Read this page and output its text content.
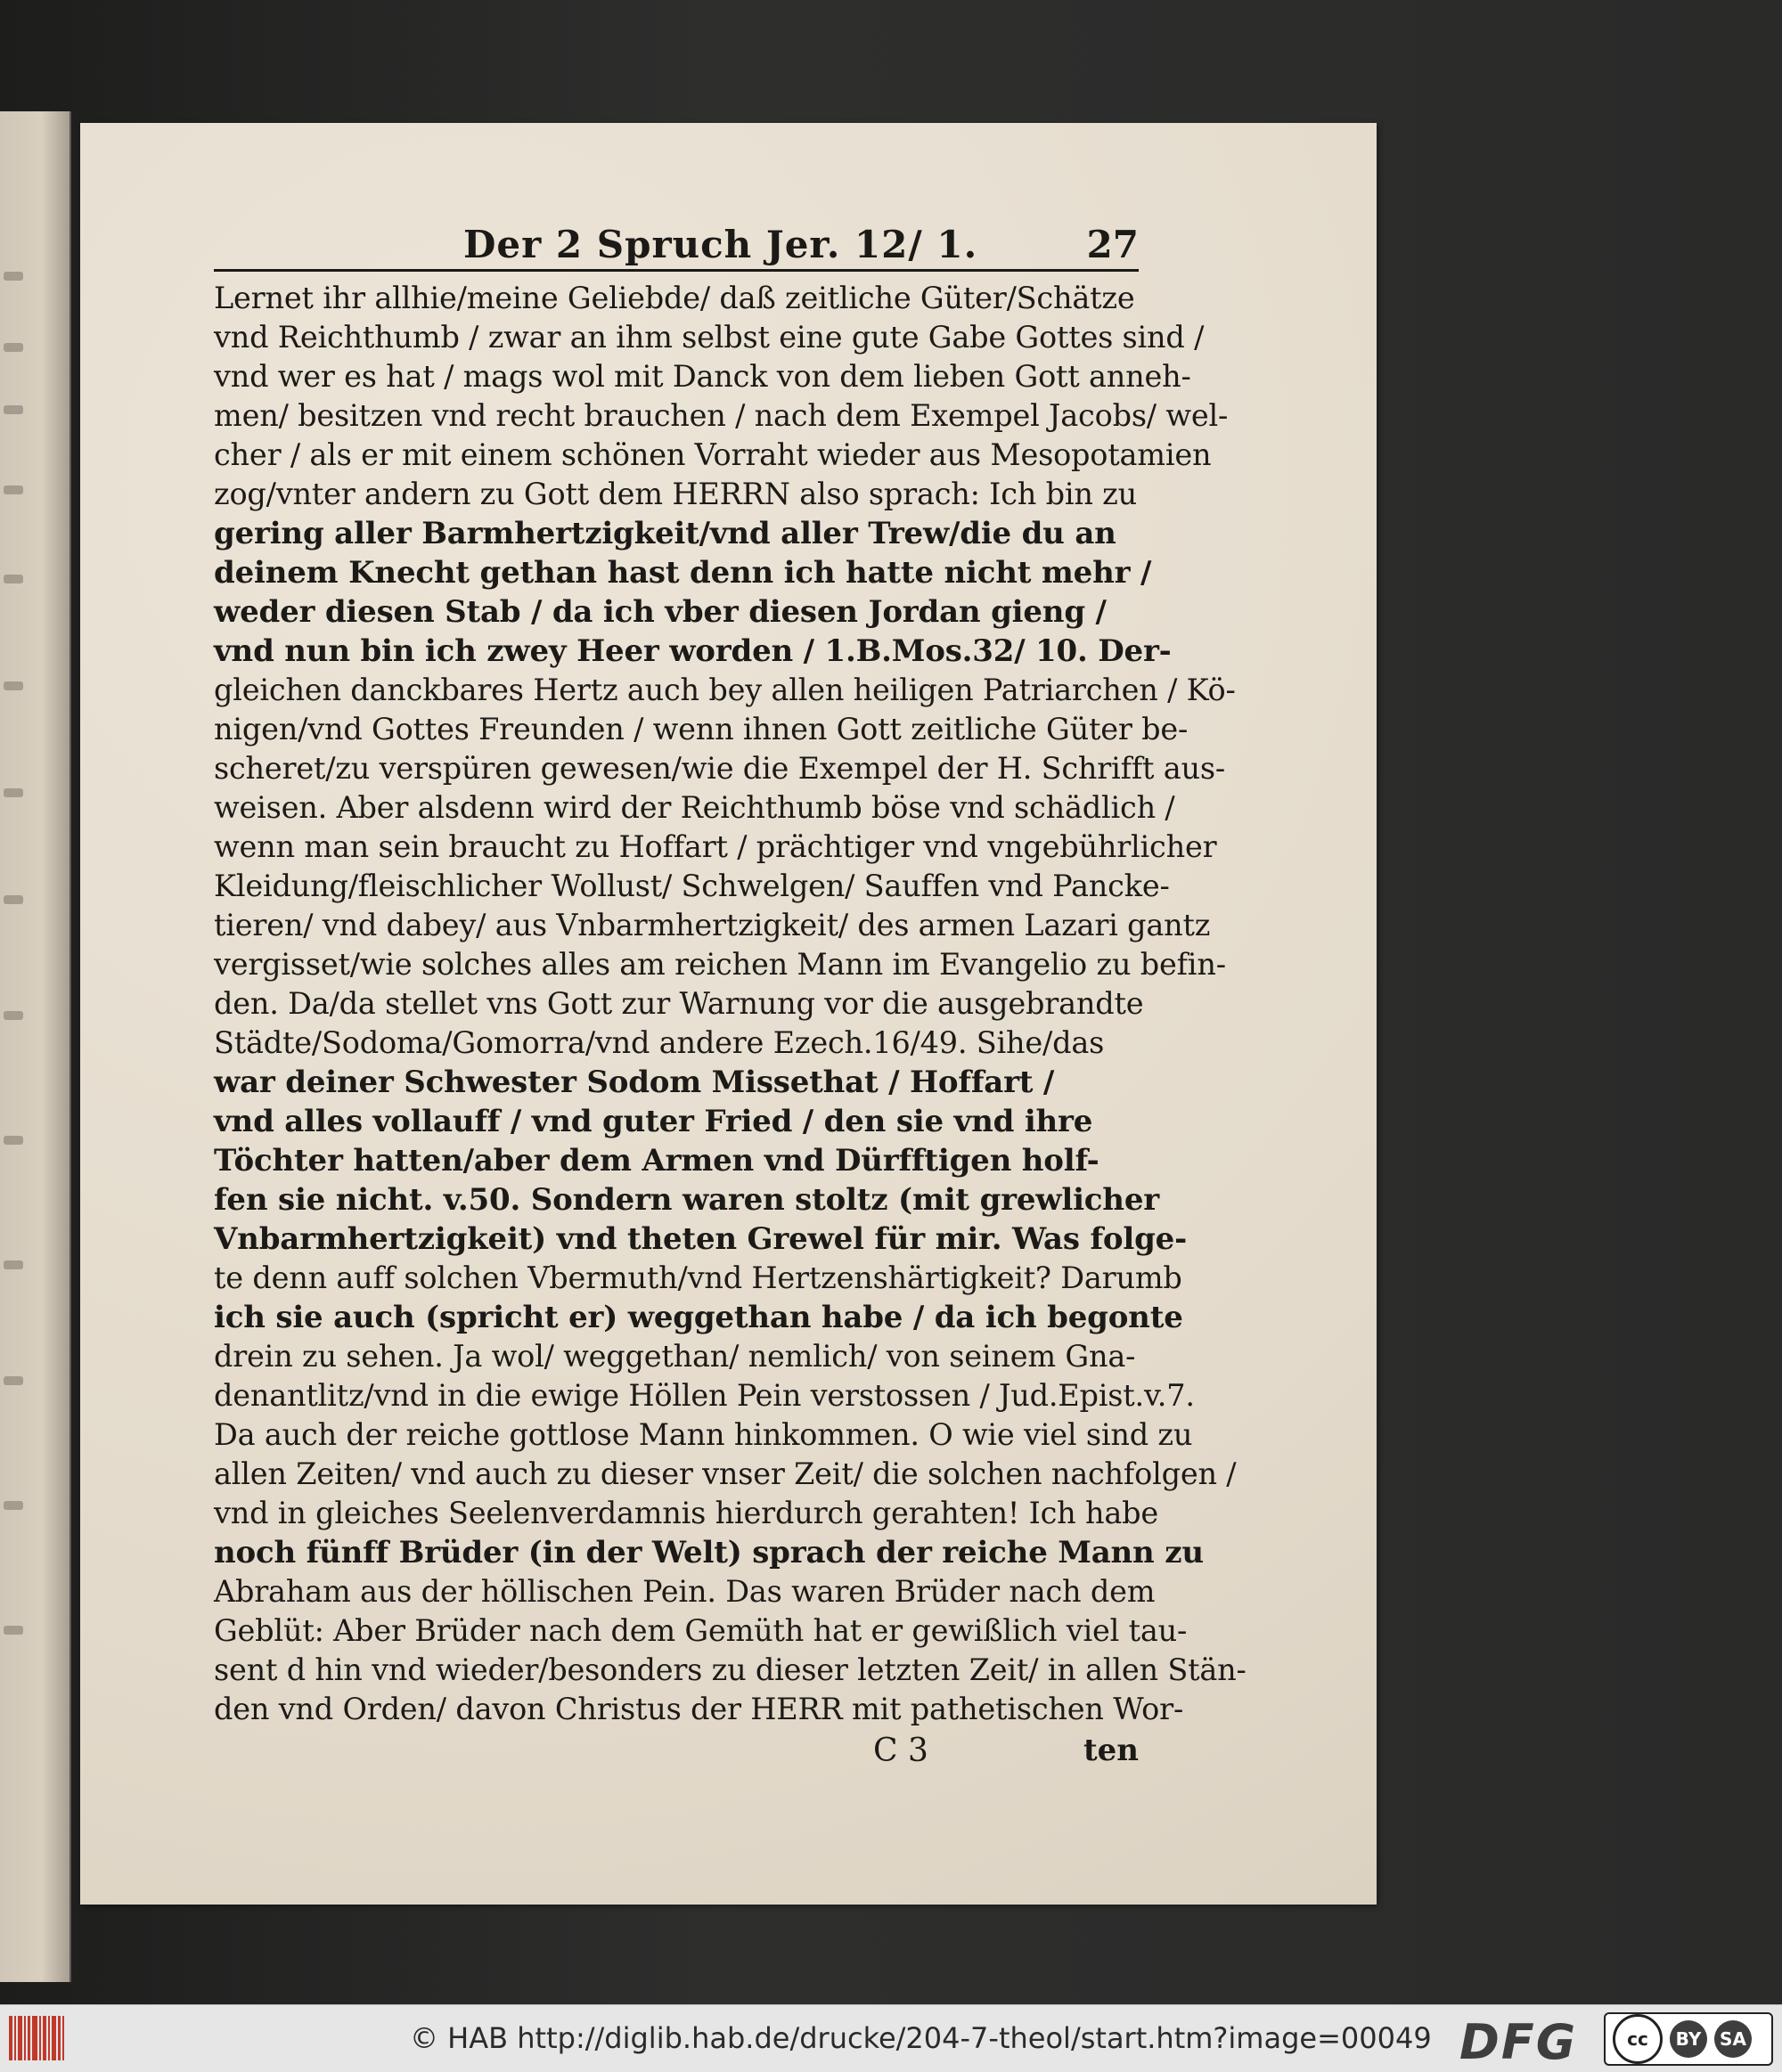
Der 2 Spruch Jer. 12/ 1.	27
Lernet ihr allhie/meine Geliebde/ daß zeitliche Güter/Schätze
vnd Reichthumb / zwar an ihm selbst eine gute Gabe Gottes sind /
vnd wer es hat / mags wol mit Danck von dem lieben Gott anneh-
men/ besitzen vnd recht brauchen / nach dem Exempel Jacobs/ wel-
cher / als er mit einem schönen Vorraht wieder aus Mesopotamien
zog/vnter andern zu Gott dem HERRN also sprach: Ich bin zu
gering aller Barmhertzigkeit/vnd aller Trew/die du an
deinem Knecht gethan hast denn ich hatte nicht mehr /
weder diesen Stab / da ich vber diesen Jordan gieng /
vnd nun bin ich zwey Heer worden / 1.B.Mos.32/ 10. Der-
gleichen danckbares Hertz auch bey allen heiligen Patriarchen / Kö-
nigen/vnd Gottes Freunden / wenn ihnen Gott zeitliche Güter be-
scheret/zu verspüren gewesen/wie die Exempel der H. Schrifft aus-
weisen. Aber alsdenn wird der Reichthumb böse vnd schädlich /
wenn man sein braucht zu Hoffart / prächtiger vnd vngebührlicher
Kleidung/fleischlicher Wollust/ Schwelgen/ Sauffen vnd Pancke-
tieren/ vnd dabey/ aus Vnbarmhertzigkeit/ des armen Lazari gantz
vergisset/wie solches alles am reichen Mann im Evangelio zu befin-
den. Da/da stellet vns Gott zur Warnung vor die ausgebrandte
Städte/Sodoma/Gomorra/vnd andere Ezech.16/49. Sihe/das
war deiner Schwester Sodom Missethat / Hoffart /
vnd alles vollauff / vnd guter Fried / den sie vnd ihre
Töchter hatten/aber dem Armen vnd Dürfftigen holf-
fen sie nicht. v.50. Sondern waren stoltz (mit grewlicher
Vnbarmhertzigkeit) vnd theten Grewel für mir. Was folge-
te denn auff solchen Vbermuth/vnd Hertzenshärtigkeit? Darumb
ich sie auch (spricht er) weggethan habe / da ich begonte
drein zu sehen. Ja wol/ weggethan/ nemlich/ von seinem Gna-
denantlitz/vnd in die ewige Höllen Pein verstossen / Jud.Epist.v.7.
Da auch der reiche gottlose Mann hinkommen. O wie viel sind zu
allen Zeiten/ vnd auch zu dieser vnser Zeit/ die solchen nachfolgen /
vnd in gleiches Seelenverdamnis hierdurch gerahten! Ich habe
noch fünff Brüder (in der Welt) sprach der reiche Mann zu
Abraham aus der höllischen Pein. Das waren Brüder nach dem
Geblüt: Aber Brüder nach dem Gemüth hat er gewißlich viel tau-
sent d hin vnd wieder/besonders zu dieser letzten Zeit/ in allen Stän-
den vnd Orden/ davon Christus der HERR mit pathetischen Wor-
C 3	ten
© HAB http://diglib.hab.de/drucke/204-7-theol/start.htm?image=00049 DFG	cc	BY	SA
